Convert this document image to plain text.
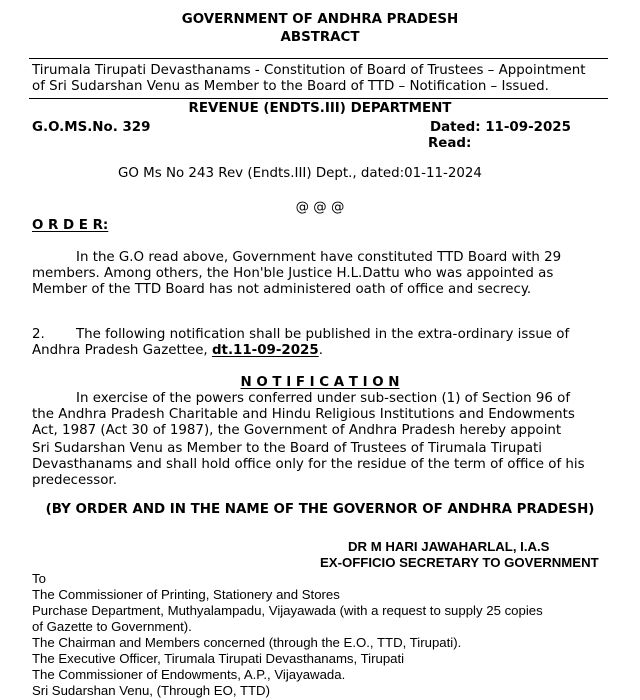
GOVERNMENT OF ANDHRA PRADESH
ABSTRACT
Tirumala Tirupati Devasthanams - Constitution of Board of Trustees – Appointment
of Sri Sudarshan Venu as Member to the Board of TTD – Notification – Issued.
REVENUE (ENDTS.III) DEPARTMENT
G.O.MS.No. 329	Dated: 11-09-2025
Read:
GO Ms No 243 Rev (Endts.III) Dept., dated:01-11-2024
@ @ @
O R D E R:
In the G.O read above, Government have constituted TTD Board with 29
members. Among others, the Hon'ble Justice H.L.Dattu who was appointed as
Member of the TTD Board has not administered oath of office and secrecy.
2. The following notification shall be published in the extra-ordinary issue of
Andhra Pradesh Gazettee, dt.11-09-2025.
N O T I F I C A T I O N
In exercise of the powers conferred under sub-section (1) of Section 96 of
the Andhra Pradesh Charitable and Hindu Religious Institutions and Endowments
Act, 1987 (Act 30 of 1987), the Government of Andhra Pradesh hereby appoint
Sri Sudarshan Venu as Member to the Board of Trustees of Tirumala Tirupati
Devasthanams and shall hold office only for the residue of the term of office of his
predecessor.
(BY ORDER AND IN THE NAME OF THE GOVERNOR OF ANDHRA PRADESH)
DR M HARI JAWAHARLAL, I.A.S
EX-OFFICIO SECRETARY TO GOVERNMENT
To
The Commissioner of Printing, Stationery and Stores
Purchase Department, Muthyalampadu, Vijayawada (with a request to supply 25 copies
of Gazette to Government).
The Chairman and Members concerned (through the E.O., TTD, Tirupati).
The Executive Officer, Tirumala Tirupati Devasthanams, Tirupati
The Commissioner of Endowments, A.P., Vijayawada.
Sri Sudarshan Venu, (Through EO, TTD)
